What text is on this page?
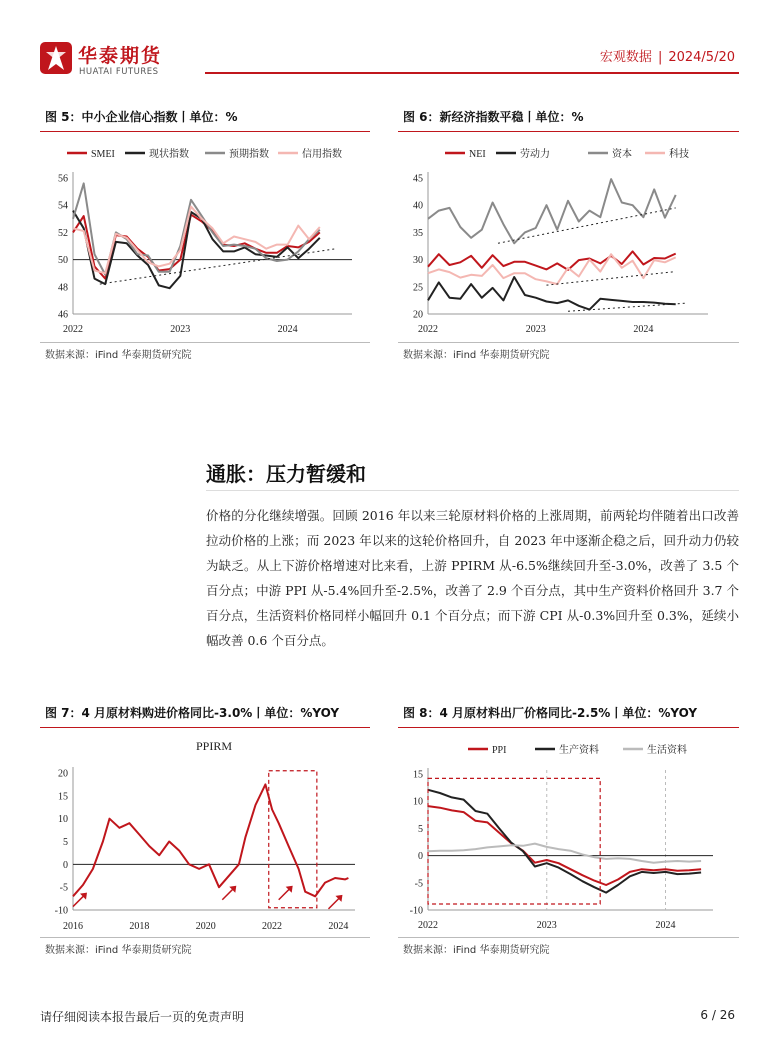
华泰期货
HUATAI FUTURES
宏观数据 | 2024/5/20
图 5：中小企业信心指数丨单位：%
SMEI	现状指数	预期指数	信用指数
46
48
50
52
54
56
2022	2023	2024
数据来源：iFind 华泰期货研究院
图 6：新经济指数平稳丨单位：%
NEI	劳动力	资本	科技
20
25
30
35
40
45
2022	2023	2024
数据来源：iFind 华泰期货研究院
通胀：压力暂缓和

价格的分化继续增强。回顾 2016 年以来三轮原材料价格的上涨周期，前两轮均伴随着出口改善拉动价格的上涨；而 2023 年以来的这轮价格回升，自 2023 年中逐渐企稳之后，回升动力仍较为缺乏。从上下游价格增速对比来看，上游 PPIRM 从-6.5%继续回升至-3.0%，改善了 3.5 个百分点；中游 PPI 从-5.4%回升至-2.5%，改善了 2.9 个百分点，其中生产资料价格回升 3.7 个百分点，生活资料价格同样小幅回升 0.1 个百分点；而下游 CPI 从-0.3%回升至 0.3%，延续小幅改善 0.6 个百分点。

图 7：4 月原材料购进价格同比-3.0%丨单位：%YOY
PPIRM
-10
-5
0
5
10
15
20
2016	2018	2020	2022	2024
数据来源：iFind 华泰期货研究院
图 8：4 月原材料出厂价格同比-2.5%丨单位：%YOY
PPI	生产资料	生活资料
-10
-5
0
5
10
15
2022	2023	2024
数据来源：iFind 华泰期货研究院
请仔细阅读本报告最后一页的免责声明	6 / 26
